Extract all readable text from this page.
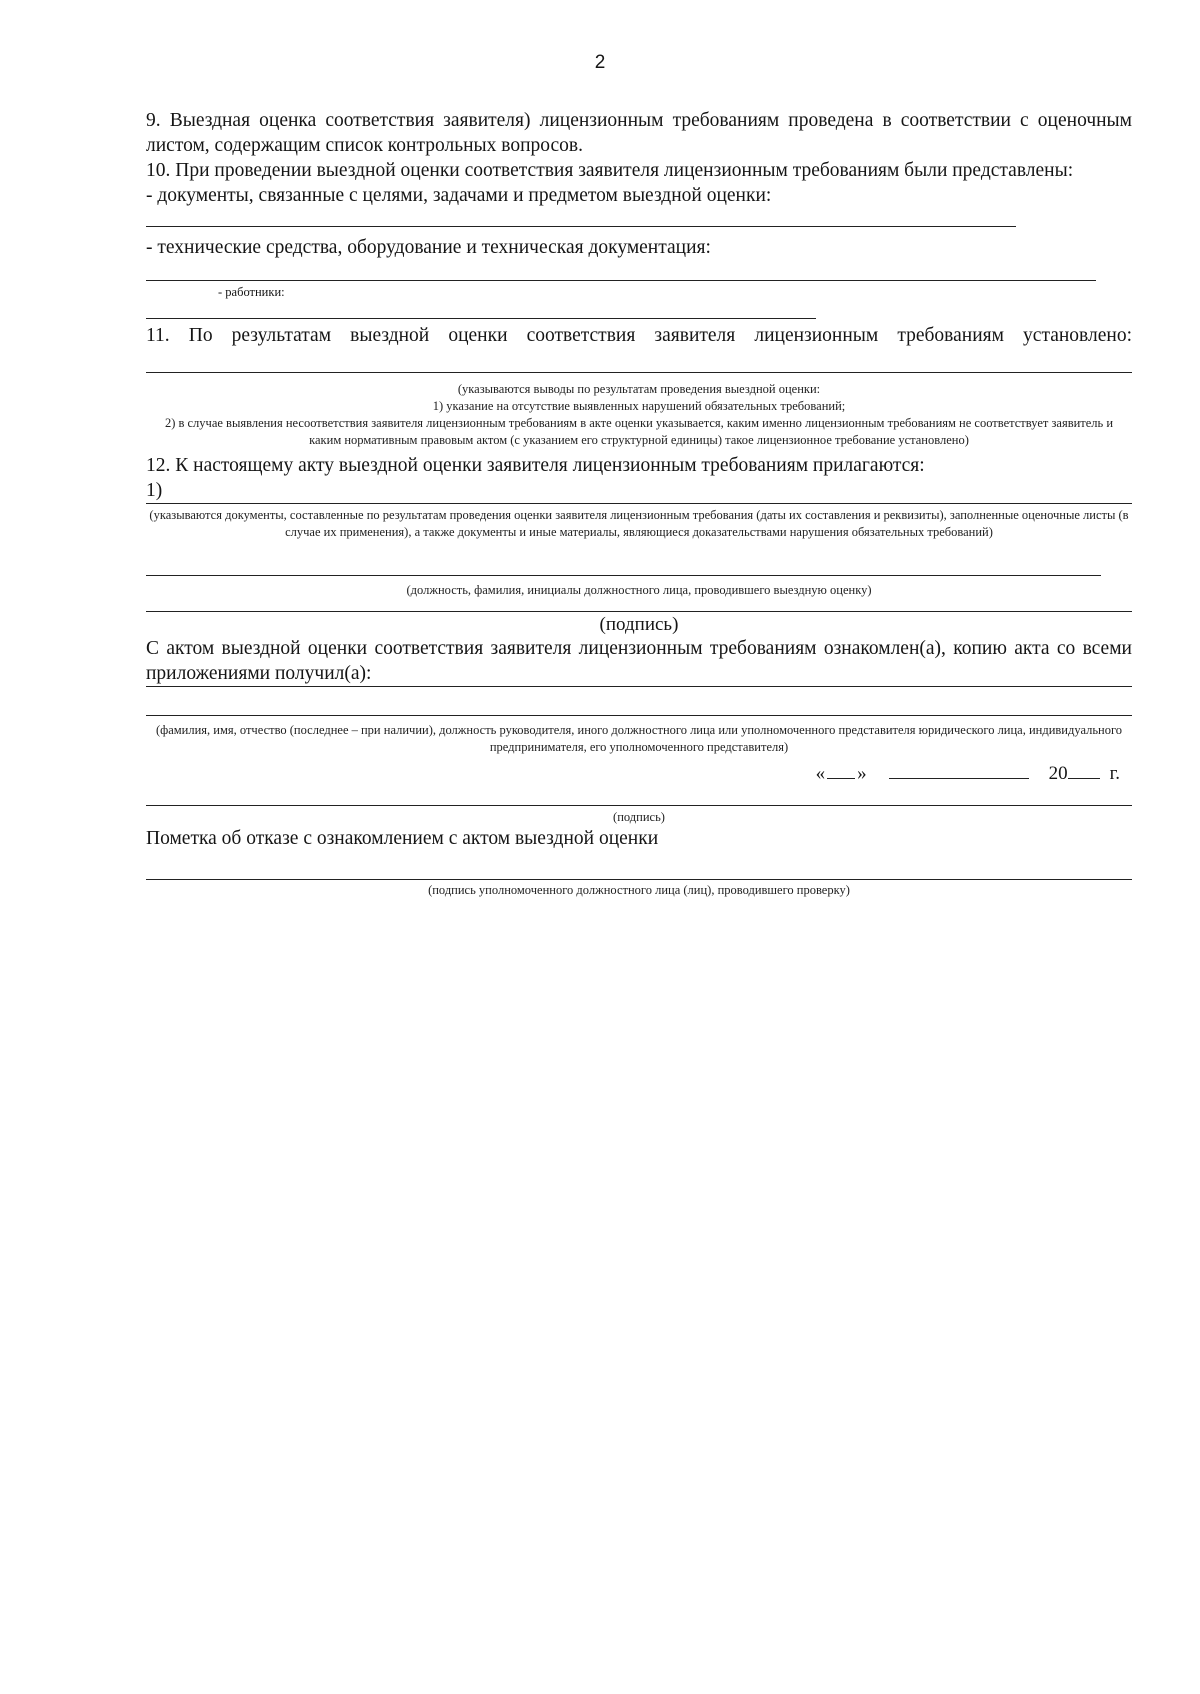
2

9. Выездная оценка соответствия заявителя) лицензионным требованиям проведена в соответствии с оценочным листом, содержащим список контрольных вопросов.

10. При проведении выездной оценки соответствия заявителя лицензионным требованиям были представлены:

- документы, связанные с целями, задачами и предметом выездной оценки:

- технические средства, оборудование и техническая документация:

- работники:

11. По результатам выездной оценки соответствия заявителя лицензионным требованиям установлено:

(указываются выводы по результатам проведения выездной оценки:

1) указание на отсутствие выявленных нарушений обязательных требований;

2) в случае выявления несоответствия заявителя лицензионным требованиям в акте оценки указывается, каким именно лицензионным требованиям не соответствует заявитель и каким нормативным правовым актом (с указанием его структурной единицы) такое лицензионное требование установлено)

12. К настоящему акту выездной оценки заявителя лицензионным требованиям прилагаются:

1)

(указываются документы, составленные по результатам проведения оценки заявителя лицензионным требования (даты их составления и реквизиты), заполненные оценочные листы (в случае их применения), а также документы и иные материалы, являющиеся доказательствами нарушения обязательных требований)

(должность, фамилия, инициалы должностного лица, проводившего выездную оценку)

(подпись)

С актом выездной оценки соответствия заявителя лицензионным требованиям ознакомлен(а), копию акта со всеми приложениями получил(а):

(фамилия, имя, отчество (последнее – при наличии), должность руководителя, иного должностного лица или уполномоченного представителя юридического лица, индивидуального предпринимателя, его уполномоченного представителя)

« »	20 г.

(подпись)

Пометка об отказе с ознакомлением с актом выездной оценки

(подпись уполномоченного должностного лица (лиц), проводившего проверку)
